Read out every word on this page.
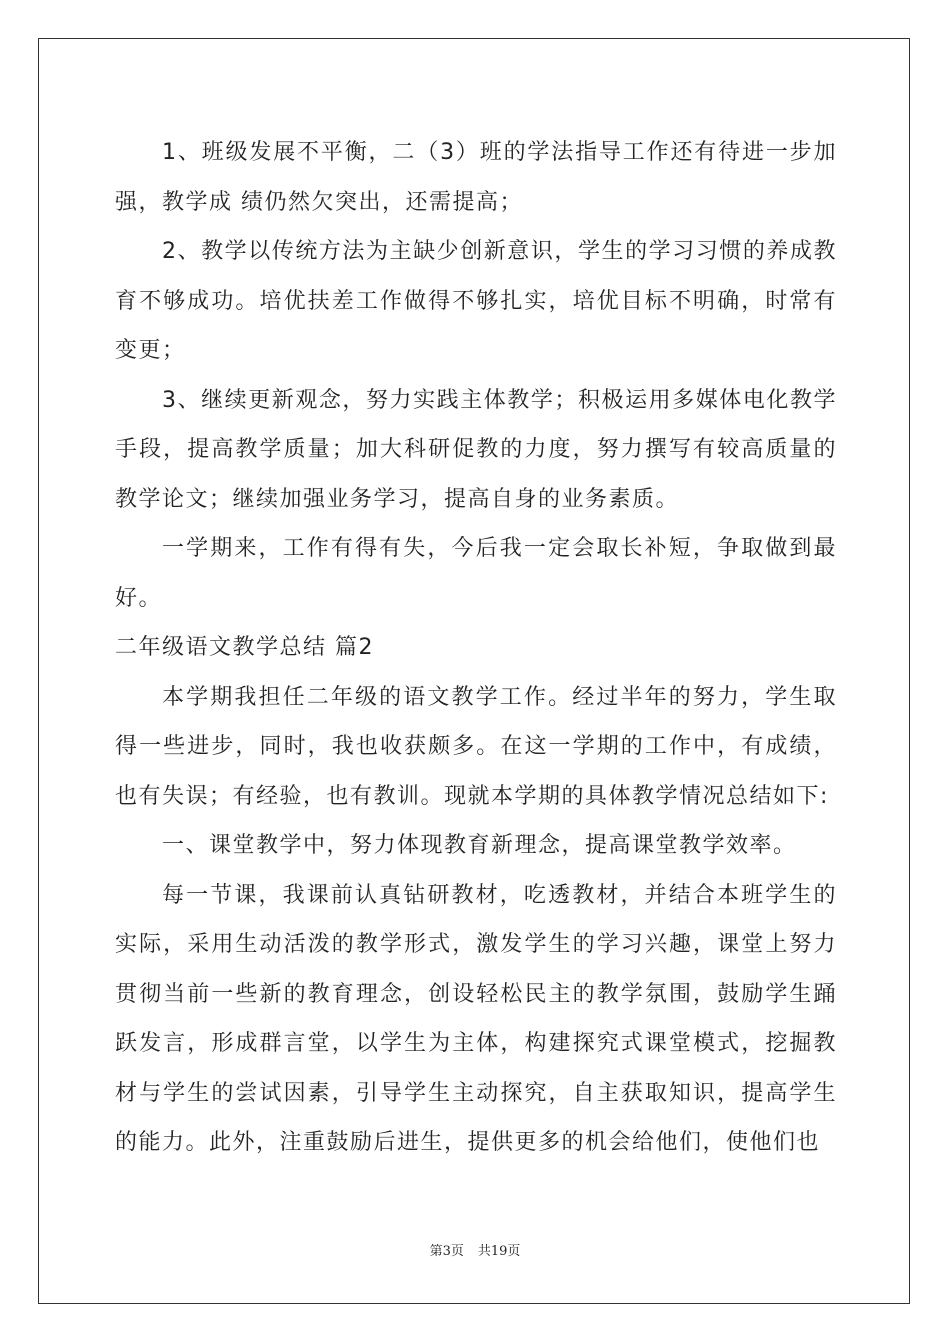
1、班级发展不平衡，二（3）班的学法指导工作还有待进一步加强，教学成 绩仍然欠突出，还需提高；

2、教学以传统方法为主缺少创新意识，学生的学习习惯的养成教育不够成功。培优扶差工作做得不够扎实，培优目标不明确，时常有变更；

3、继续更新观念，努力实践主体教学；积极运用多媒体电化教学手段，提高教学质量；加大科研促教的力度，努力撰写有较高质量的教学论文；继续加强业务学习，提高自身的业务素质。

一学期来，工作有得有失，今后我一定会取长补短，争取做到最好。

二年级语文教学总结 篇2

本学期我担任二年级的语文教学工作。经过半年的努力，学生取得一些进步，同时，我也收获颇多。在这一学期的工作中，有成绩，也有失误；有经验，也有教训。现就本学期的具体教学情况总结如下:

一、课堂教学中，努力体现教育新理念，提高课堂教学效率。

每一节课，我课前认真钻研教材，吃透教材，并结合本班学生的实际，采用生动活泼的教学形式，激发学生的学习兴趣，课堂上努力贯彻当前一些新的教育理念，创设轻松民主的教学氛围，鼓励学生踊跃发言，形成群言堂，以学生为主体，构建探究式课堂模式，挖掘教材与学生的尝试因素，引导学生主动探究，自主获取知识，提高学生的能力。此外，注重鼓励后进生，提供更多的机会给他们，使他们也

第3页 共19页
